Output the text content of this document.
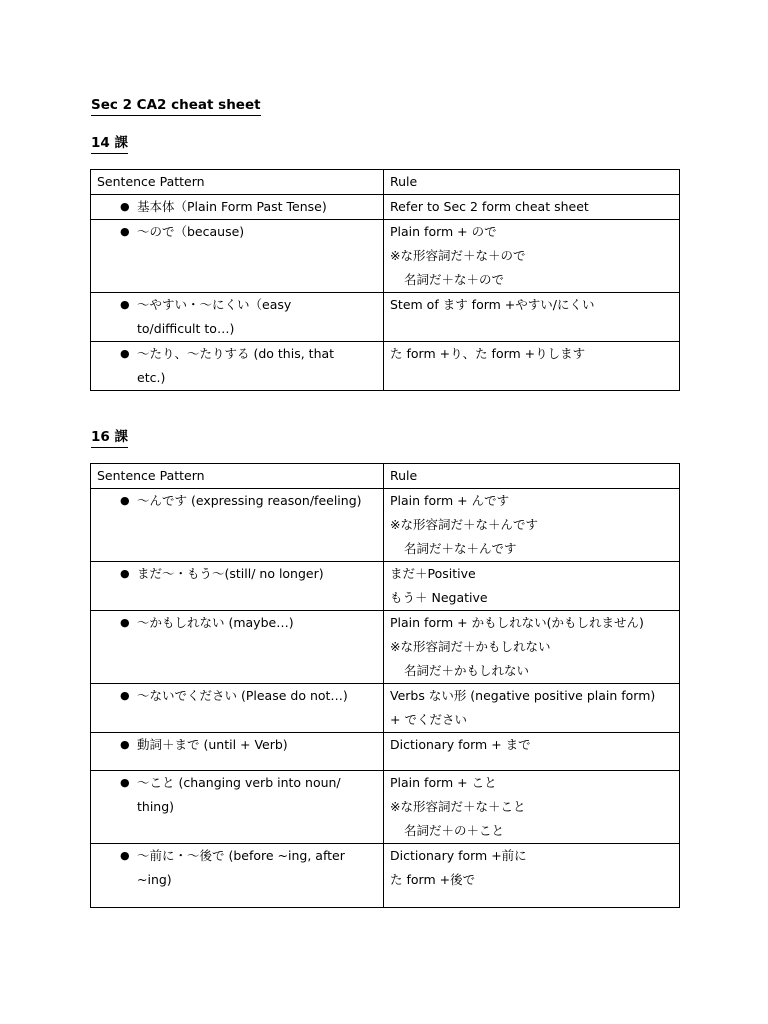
Sec 2 CA2 cheat sheet
14 課
Sentence Pattern	Rule

● 基本体（Plain Form Past Tense)	Refer to Sec 2 form cheat sheet

● 〜ので（because)	Plain form + ので
※な形容詞だ＋な＋ので
名詞だ＋な＋ので

● 〜やすい・〜にくい（easy
to/difficult to…)	Stem of ます form +やすい/にくい

● 〜たり、〜たりする (do this, that
etc.)	た form +り、た form +りします
16 課
Sentence Pattern	Rule

● 〜んです (expressing reason/feeling)	Plain form + んです
※な形容詞だ＋な＋んです
名詞だ＋な＋んです

● まだ〜・もう〜(still/ no longer)	まだ＋Positive
もう＋ Negative

● 〜かもしれない (maybe…)	Plain form + かもしれない(かもしれません)
※な形容詞だ＋かもしれない
名詞だ＋かもしれない

● 〜ないでください (Please do not…)	Verbs ない形 (negative positive plain form)
+ でください

● 動詞＋まで (until + Verb)	Dictionary form + まで

● 〜こと (changing verb into noun/
thing)	Plain form + こと
※な形容詞だ＋な＋こと
名詞だ＋の＋こと

● 〜前に・〜後で (before ~ing, after
~ing)	Dictionary form +前に
た form +後で
